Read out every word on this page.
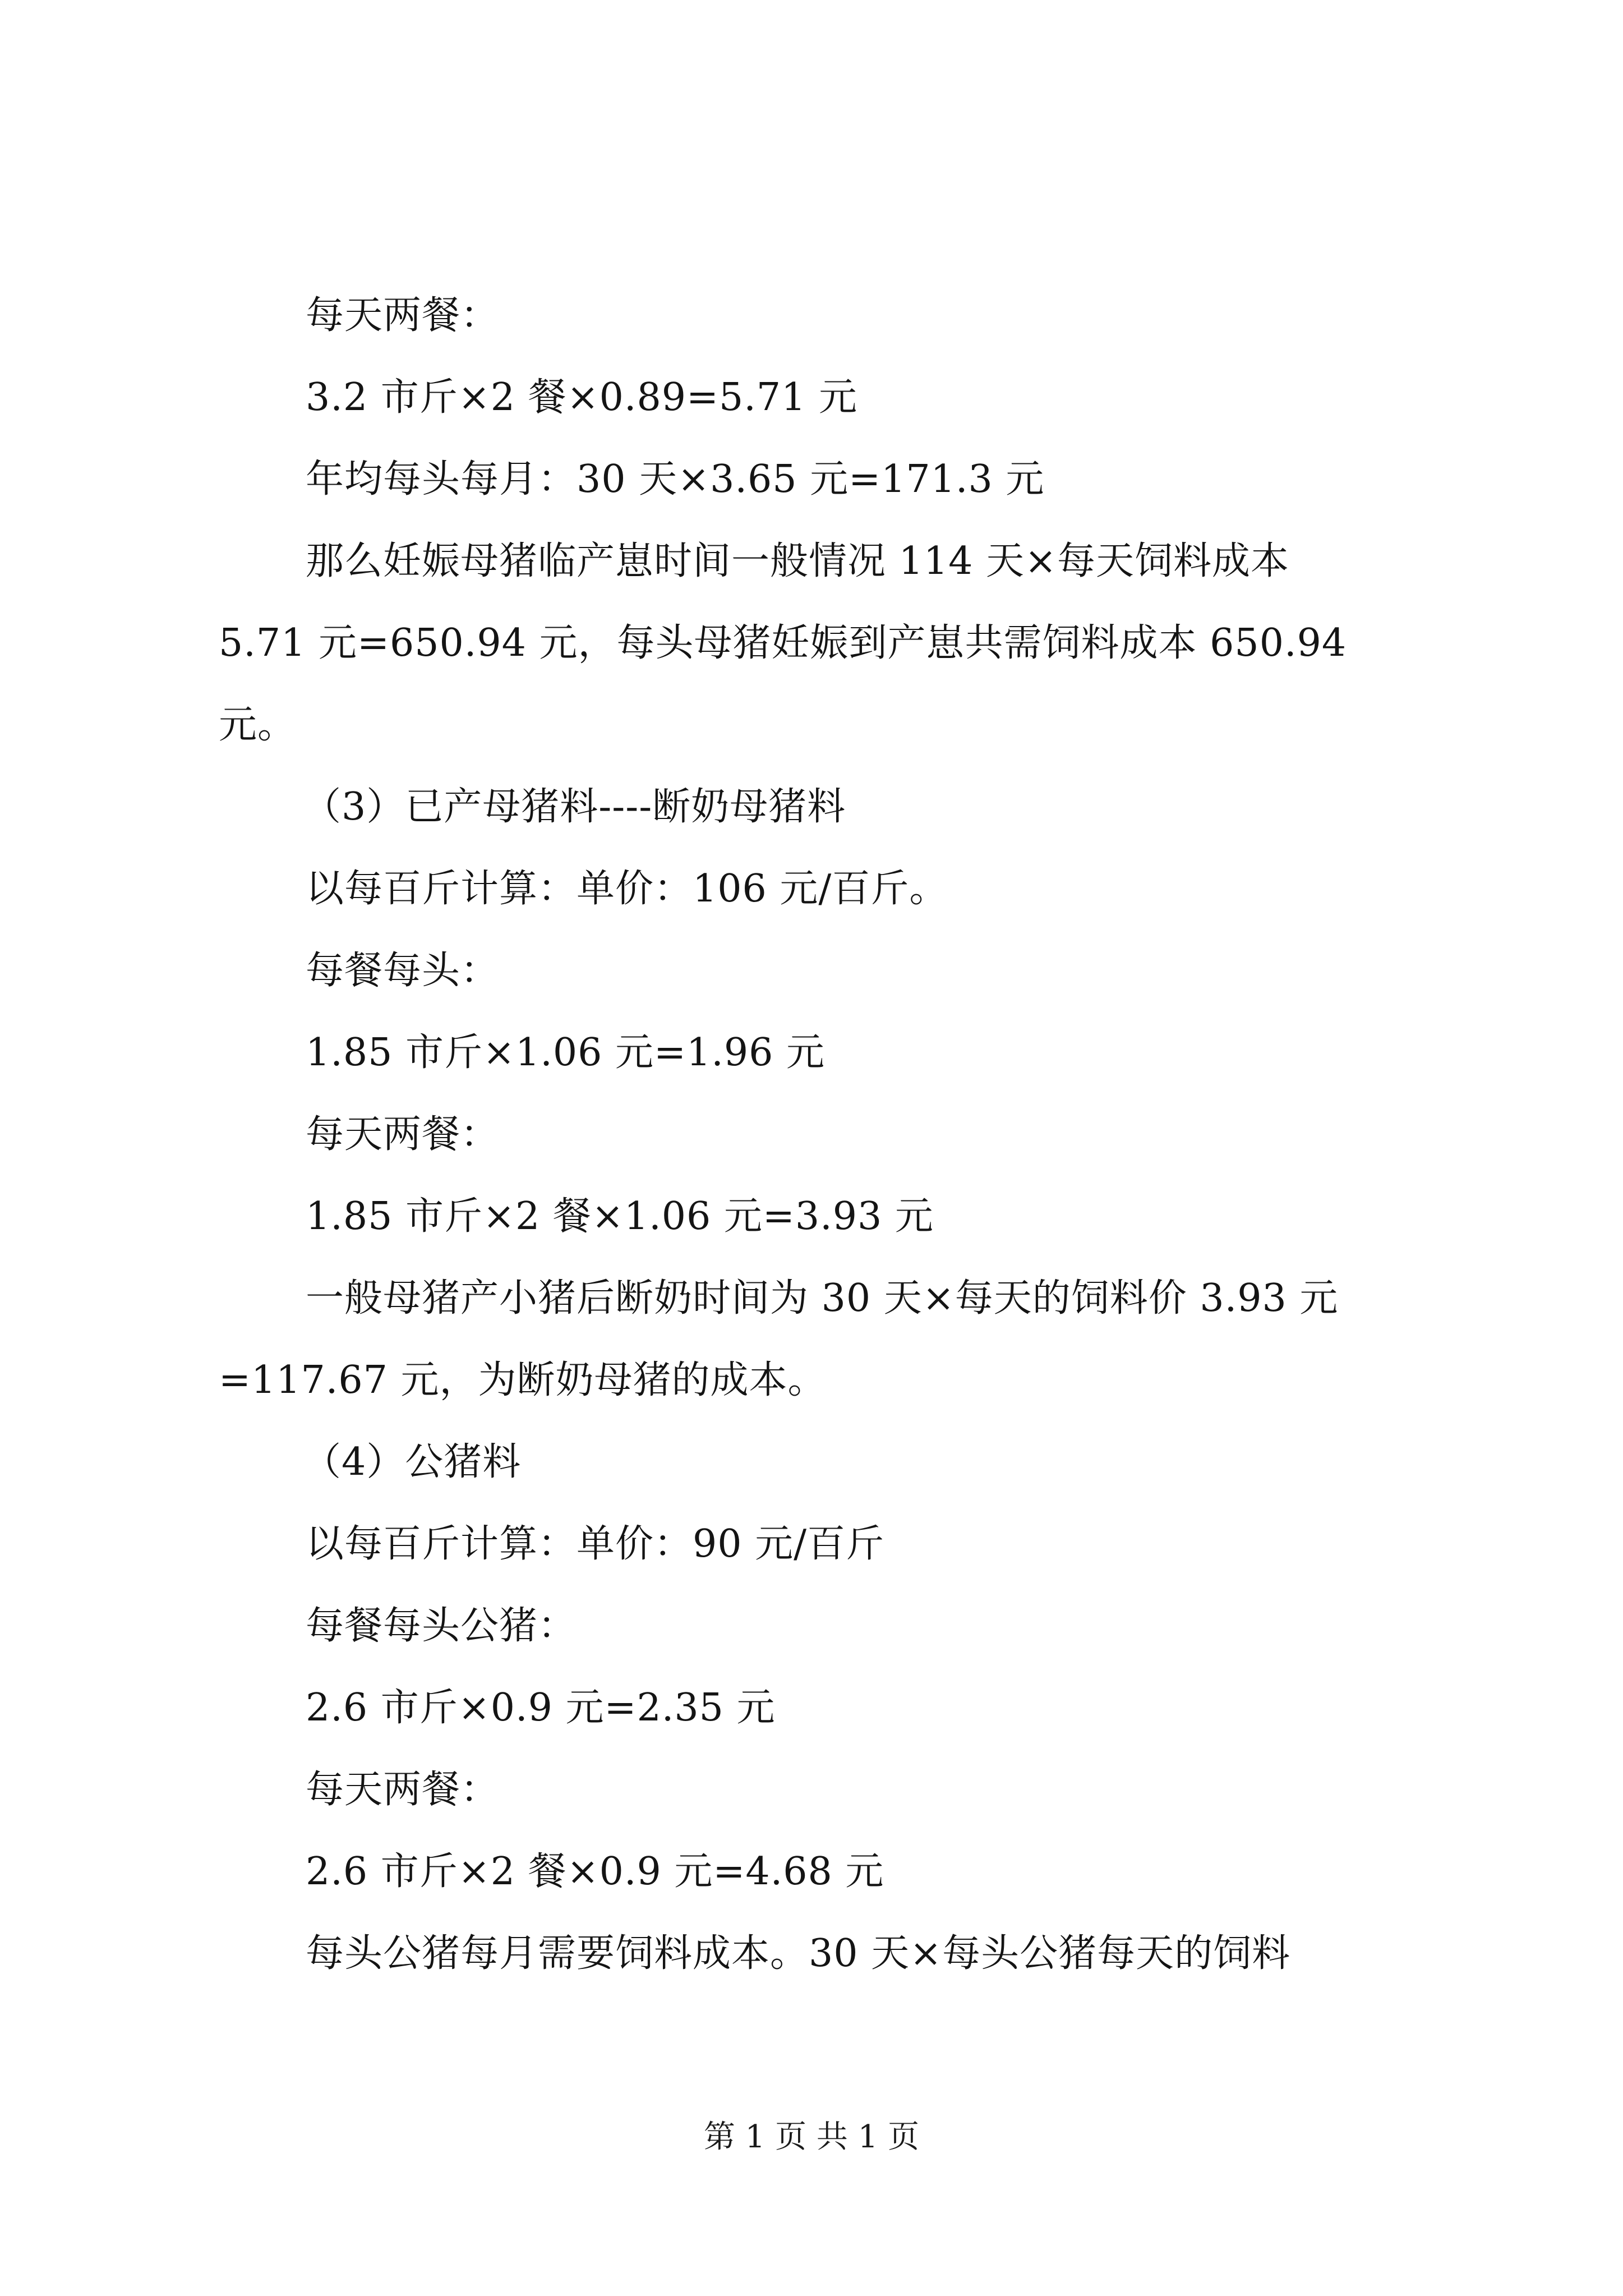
每天两餐：
3.2 市斤×2 餐×0.89=5.71 元
年均每头每月：30 天×3.65 元=171.3 元
那么妊娠母猪临产崽时间一般情况 114 天×每天饲料成本
5.71 元=650.94 元，每头母猪妊娠到产崽共需饲料成本 650.94
元。
（3）已产母猪料----断奶母猪料
以每百斤计算：单价：106 元/百斤。
每餐每头：
1.85 市斤×1.06 元=1.96 元
每天两餐：
1.85 市斤×2 餐×1.06 元=3.93 元
一般母猪产小猪后断奶时间为 30 天×每天的饲料价 3.93 元
=117.67 元，为断奶母猪的成本。
（4）公猪料
以每百斤计算：单价：90 元/百斤
每餐每头公猪：
2.6 市斤×0.9 元=2.35 元
每天两餐：
2.6 市斤×2 餐×0.9 元=4.68 元
每头公猪每月需要饲料成本。30 天×每头公猪每天的饲料
第 1 页 共 1 页
